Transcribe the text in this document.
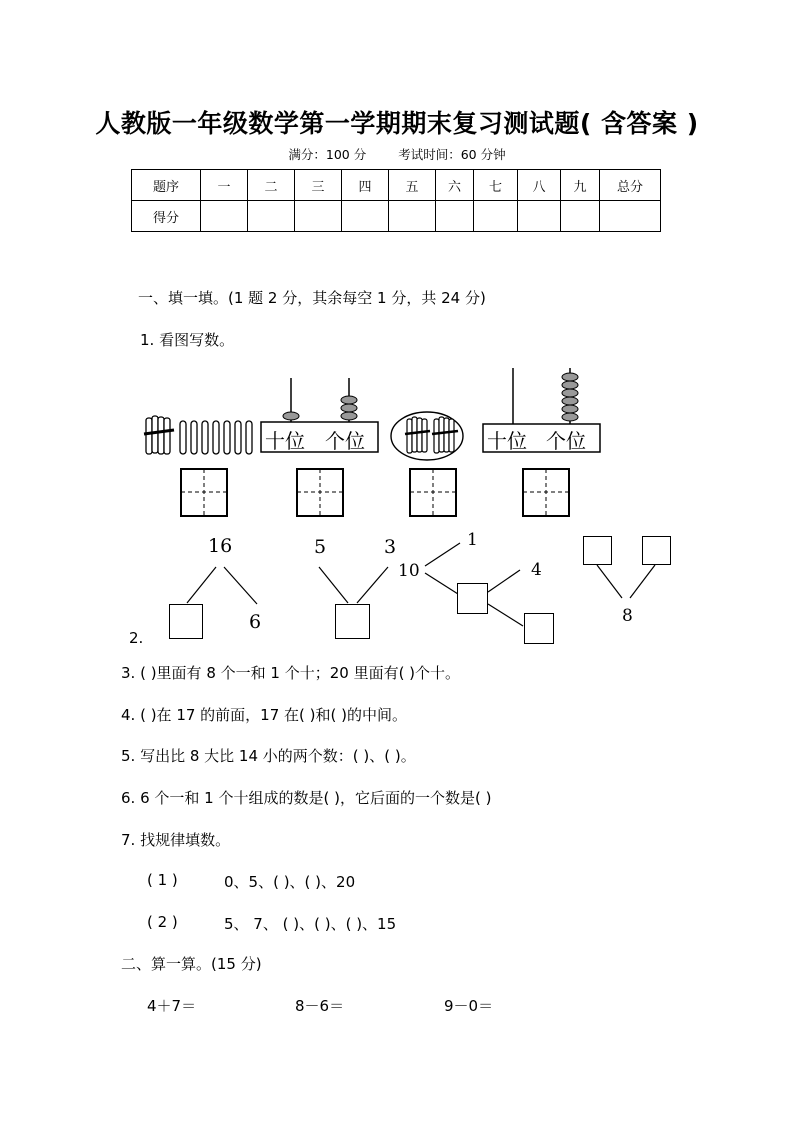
人教版一年级数学第一学期期末复习测试题( 含答案 )
满分：100 分	考试时间：60 分钟
题序	一	二	三	四	五	六	七	八	九	总分
得分										
一、填一填。(1 题 2 分，其余每空 1 分，共 24 分)
1. 看图写数。
十位 个位	十位 个位
16
6
5	3	1
10	4
8
2.
3. ( )里面有 8 个一和 1 个十；20 里面有( )个十。
4. ( )在 17 的前面，17 在( )和( )的中间。
5. 写出比 8 大比 14 小的两个数：( )、( )。
6. 6 个一和 1 个十组成的数是( )，它后面的一个数是( )
7. 找规律填数。
( 1 )	0、5、( )、( )、20
( 2 )	5、 7、 ( )、( )、( )、15
二、算一算。(15 分)
4＋7＝	8－6＝	9－0＝
